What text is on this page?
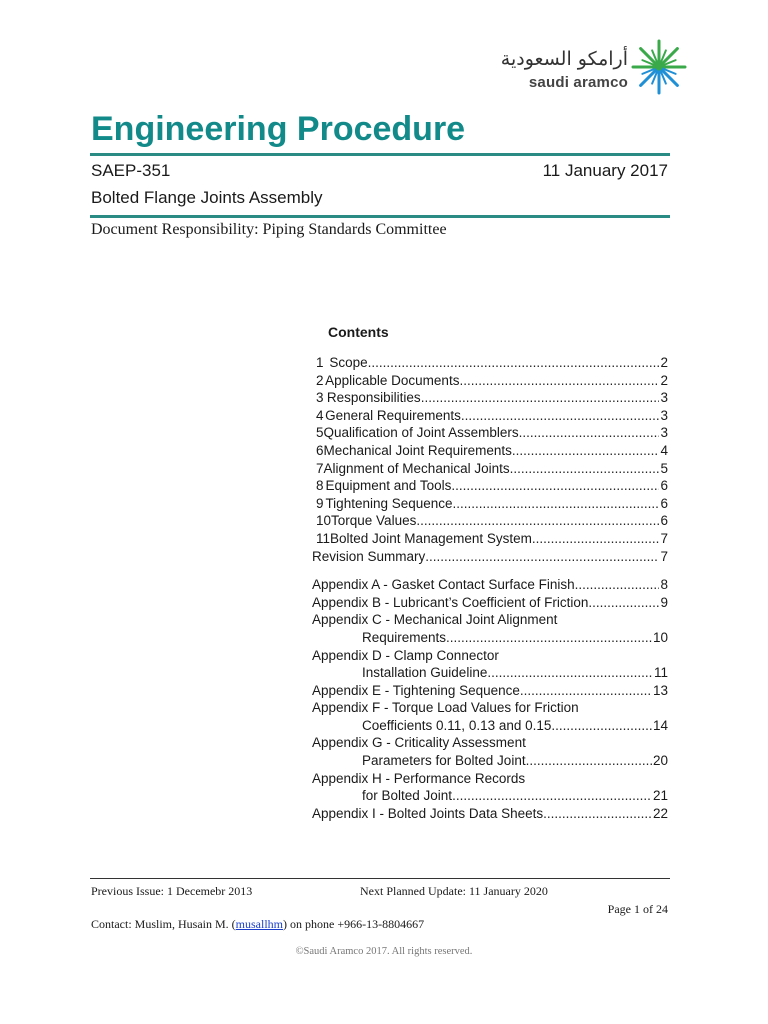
أرامكو السعودية
saudi aramco
Engineering Procedure
SAEP-351	11 January 2017
Bolted Flange Joints Assembly
Document Responsibility: Piping Standards Committee
Contents
1 Scope .....	2
2 Applicable Documents .....	2
3 Responsibilities .....	3
4 General Requirements .....	3
5 Qualification of Joint Assemblers .....	3
6 Mechanical Joint Requirements .....	4
7 Alignment of Mechanical Joints .....	5
8 Equipment and Tools .....	6
9 Tightening Sequence .....	6
10 Torque Values .....	6
11 Bolted Joint Management System .....	7
Revision Summary .....	7
Appendix A - Gasket Contact Surface Finish .....	8
Appendix B - Lubricant’s Coefficient of Friction .....	9
Appendix C - Mechanical Joint Alignment
Requirements .....	10
Appendix D - Clamp Connector
Installation Guideline .....	11
Appendix E - Tightening Sequence .....	13
Appendix F - Torque Load Values for Friction
Coefficients 0.11, 0.13 and 0.15 .....	14
Appendix G - Criticality Assessment
Parameters for Bolted Joint .....	20
Appendix H - Performance Records
for Bolted Joint .....	21
Appendix I - Bolted Joints Data Sheets .....	22
Previous Issue: 1 Decemebr 2013	Next Planned Update: 11 January 2020
Page 1 of 24
Contact: Muslim, Husain M. (musallhm) on phone +966-13-8804667
©Saudi Aramco 2017. All rights reserved.
